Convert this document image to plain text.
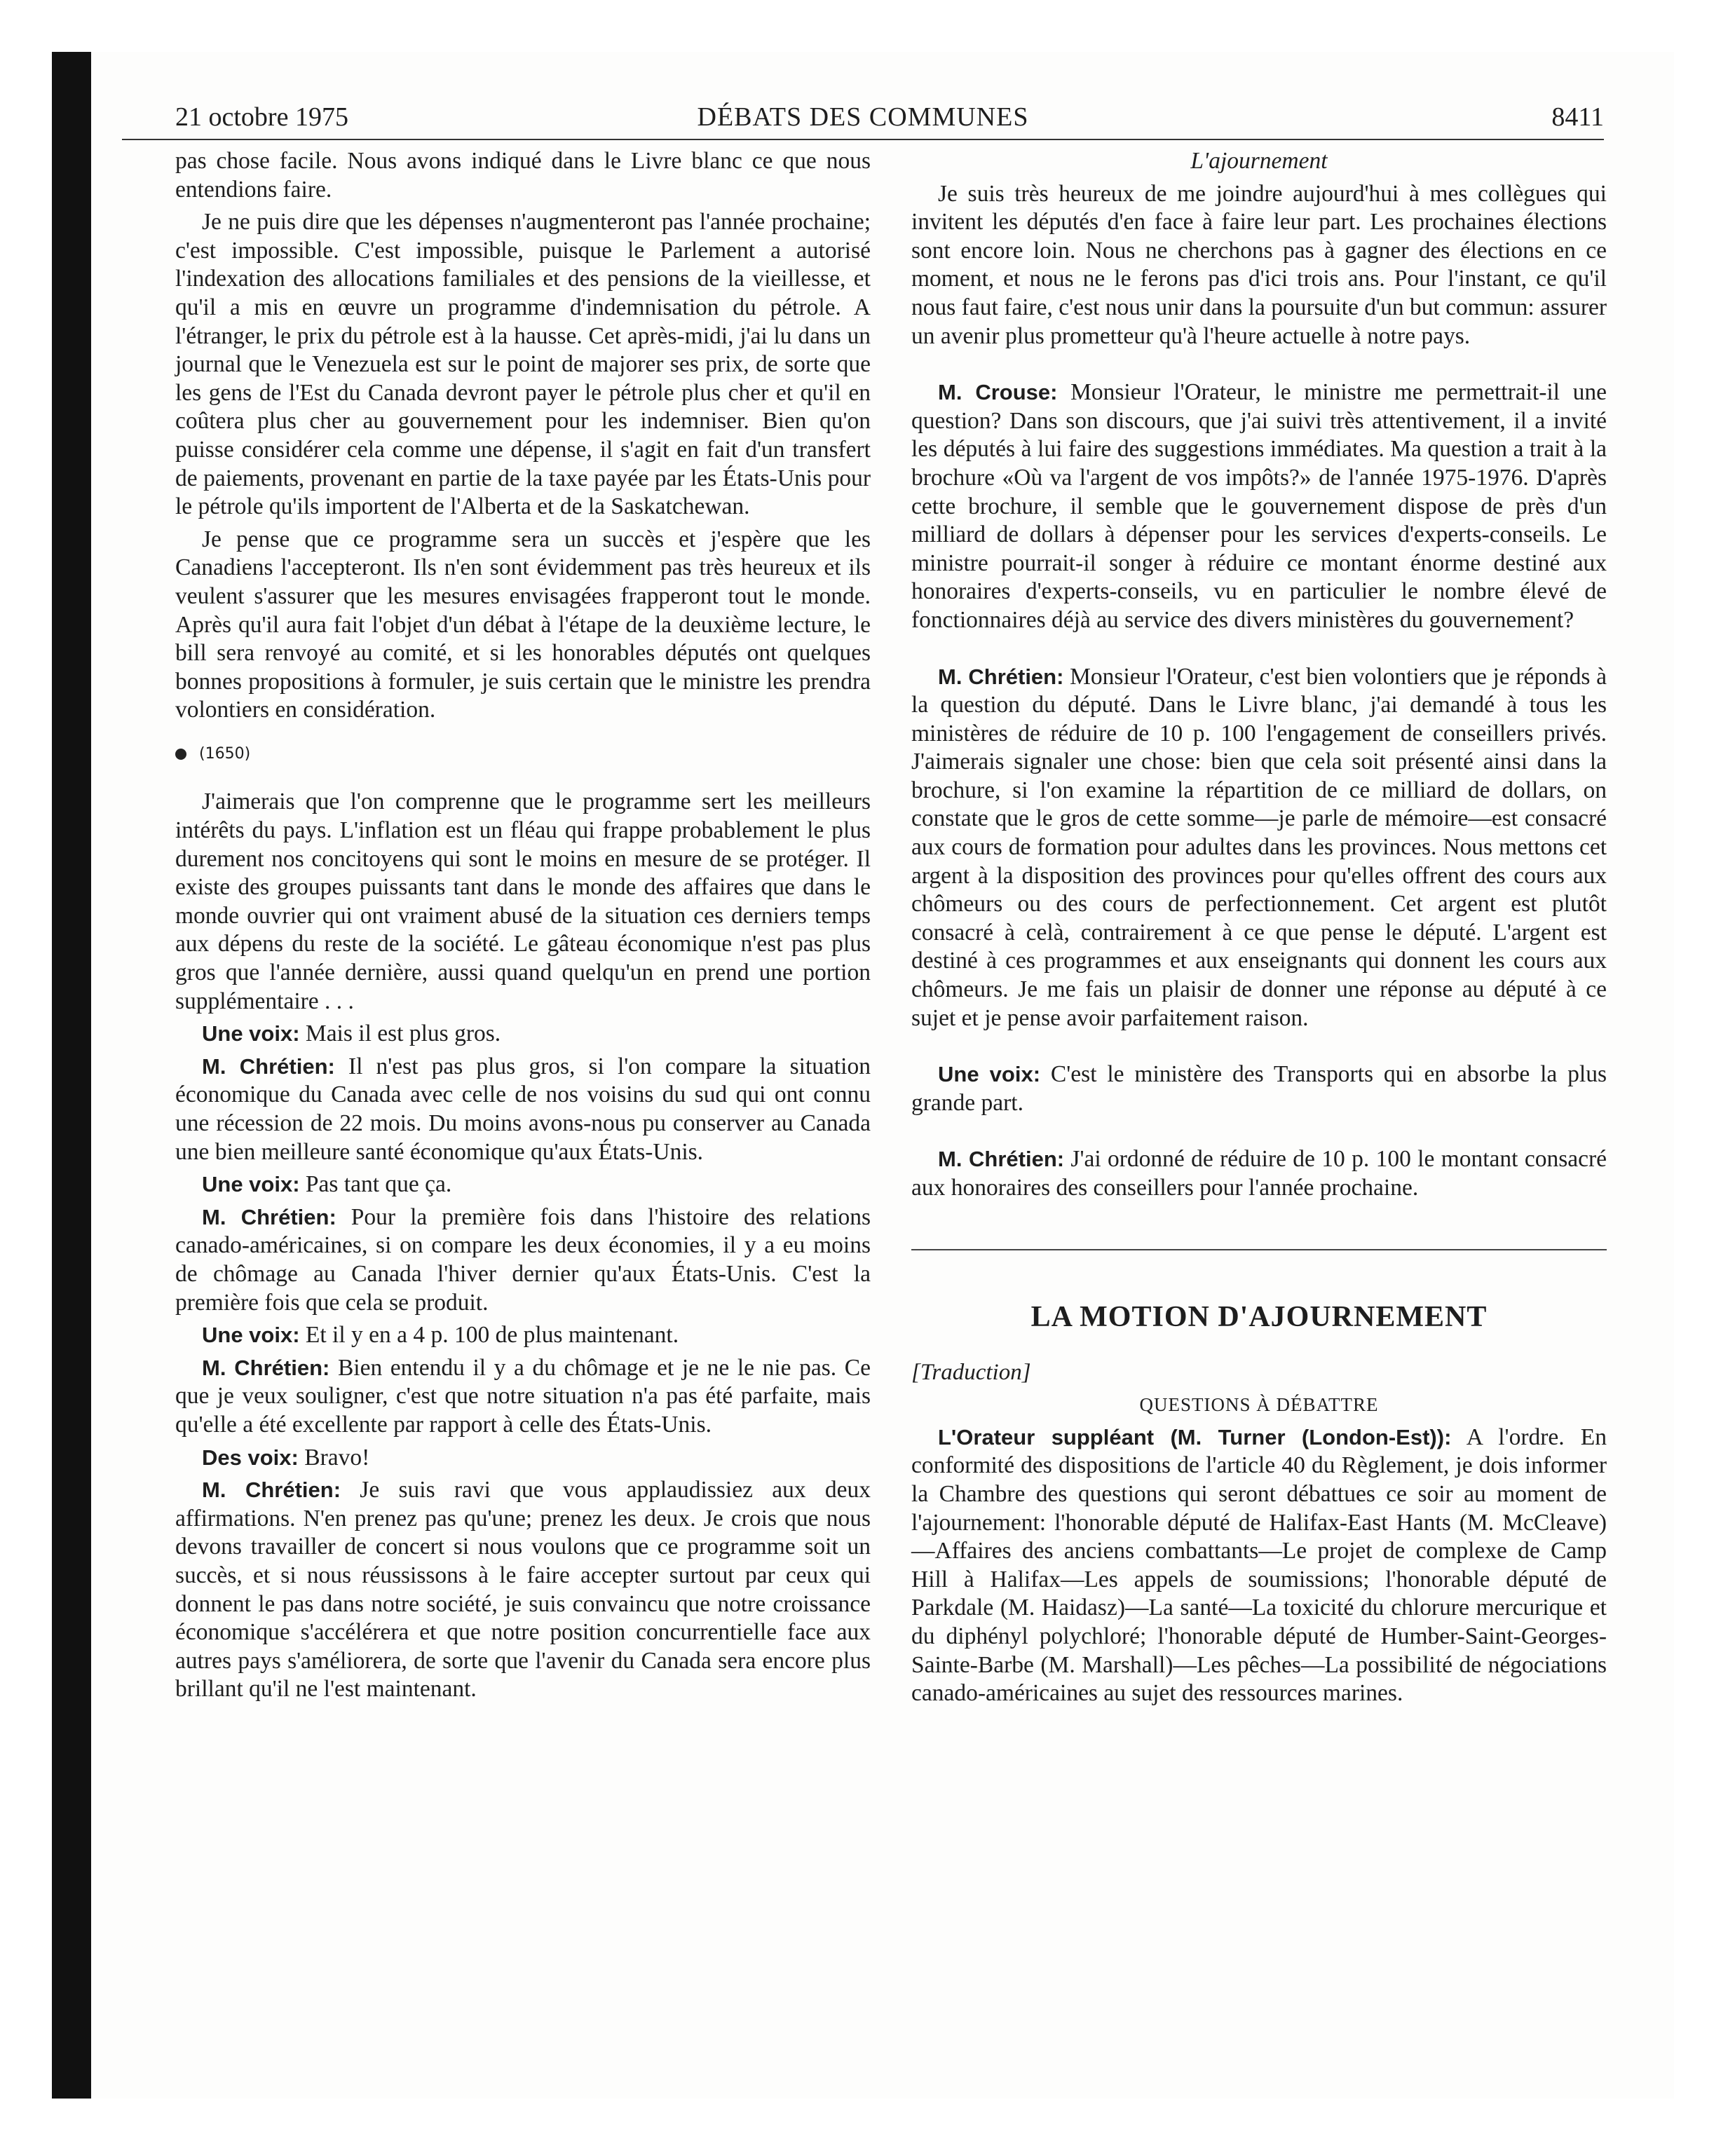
21 octobre 1975	DÉBATS DES COMMUNES	8411

pas chose facile. Nous avons indiqué dans le Livre blanc ce que nous entendions faire.

Je ne puis dire que les dépenses n'augmenteront pas l'année prochaine; c'est impossible. C'est impossible, puisque le Parlement a autorisé l'indexation des allocations familiales et des pensions de la vieillesse, et qu'il a mis en œuvre un programme d'indemnisation du pétrole. A l'étranger, le prix du pétrole est à la hausse. Cet après-midi, j'ai lu dans un journal que le Venezuela est sur le point de majorer ses prix, de sorte que les gens de l'Est du Canada devront payer le pétrole plus cher et qu'il en coûtera plus cher au gouvernement pour les indemniser. Bien qu'on puisse considérer cela comme une dépense, il s'agit en fait d'un transfert de paiements, provenant en partie de la taxe payée par les États-Unis pour le pétrole qu'ils importent de l'Alberta et de la Saskatchewan.

Je pense que ce programme sera un succès et j'espère que les Canadiens l'accepteront. Ils n'en sont évidemment pas très heureux et ils veulent s'assurer que les mesures envisagées frapperont tout le monde. Après qu'il aura fait l'objet d'un débat à l'étape de la deuxième lecture, le bill sera renvoyé au comité, et si les honorables députés ont quelques bonnes propositions à formuler, je suis certain que le ministre les prendra volontiers en considération.

(1650)

J'aimerais que l'on comprenne que le programme sert les meilleurs intérêts du pays. L'inflation est un fléau qui frappe probablement le plus durement nos concitoyens qui sont le moins en mesure de se protéger. Il existe des groupes puissants tant dans le monde des affaires que dans le monde ouvrier qui ont vraiment abusé de la situation ces derniers temps aux dépens du reste de la société. Le gâteau économique n'est pas plus gros que l'année dernière, aussi quand quelqu'un en prend une portion supplémentaire . . .

Une voix: Mais il est plus gros.

M. Chrétien: Il n'est pas plus gros, si l'on compare la situation économique du Canada avec celle de nos voisins du sud qui ont connu une récession de 22 mois. Du moins avons-nous pu conserver au Canada une bien meilleure santé économique qu'aux États-Unis.

Une voix: Pas tant que ça.

M. Chrétien: Pour la première fois dans l'histoire des relations canado-américaines, si on compare les deux économies, il y a eu moins de chômage au Canada l'hiver dernier qu'aux États-Unis. C'est la première fois que cela se produit.

Une voix: Et il y en a 4 p. 100 de plus maintenant.

M. Chrétien: Bien entendu il y a du chômage et je ne le nie pas. Ce que je veux souligner, c'est que notre situation n'a pas été parfaite, mais qu'elle a été excellente par rapport à celle des États-Unis.

Des voix: Bravo!

M. Chrétien: Je suis ravi que vous applaudissiez aux deux affirmations. N'en prenez pas qu'une; prenez les deux. Je crois que nous devons travailler de concert si nous voulons que ce programme soit un succès, et si nous réussissons à le faire accepter surtout par ceux qui donnent le pas dans notre société, je suis convaincu que notre croissance économique s'accélérera et que notre position concurrentielle face aux autres pays s'améliorera, de sorte que l'avenir du Canada sera encore plus brillant qu'il ne l'est maintenant.

L'ajournement

Je suis très heureux de me joindre aujourd'hui à mes collègues qui invitent les députés d'en face à faire leur part. Les prochaines élections sont encore loin. Nous ne cherchons pas à gagner des élections en ce moment, et nous ne le ferons pas d'ici trois ans. Pour l'instant, ce qu'il nous faut faire, c'est nous unir dans la poursuite d'un but commun: assurer un avenir plus prometteur qu'à l'heure actuelle à notre pays.

M. Crouse: Monsieur l'Orateur, le ministre me permettrait-il une question? Dans son discours, que j'ai suivi très attentivement, il a invité les députés à lui faire des suggestions immédiates. Ma question a trait à la brochure «Où va l'argent de vos impôts?» de l'année 1975-1976. D'après cette brochure, il semble que le gouvernement dispose de près d'un milliard de dollars à dépenser pour les services d'experts-conseils. Le ministre pourrait-il songer à réduire ce montant énorme destiné aux honoraires d'experts-conseils, vu en particulier le nombre élevé de fonctionnaires déjà au service des divers ministères du gouvernement?

M. Chrétien: Monsieur l'Orateur, c'est bien volontiers que je réponds à la question du député. Dans le Livre blanc, j'ai demandé à tous les ministères de réduire de 10 p. 100 l'engagement de conseillers privés. J'aimerais signaler une chose: bien que cela soit présenté ainsi dans la brochure, si l'on examine la répartition de ce milliard de dollars, on constate que le gros de cette somme—je parle de mémoire—est consacré aux cours de formation pour adultes dans les provinces. Nous mettons cet argent à la disposition des provinces pour qu'elles offrent des cours aux chômeurs ou des cours de perfectionnement. Cet argent est plutôt consacré à celà, contrairement à ce que pense le député. L'argent est destiné à ces programmes et aux enseignants qui donnent les cours aux chômeurs. Je me fais un plaisir de donner une réponse au député à ce sujet et je pense avoir parfaitement raison.

Une voix: C'est le ministère des Transports qui en absorbe la plus grande part.

M. Chrétien: J'ai ordonné de réduire de 10 p. 100 le montant consacré aux honoraires des conseillers pour l'année prochaine.

LA MOTION D'AJOURNEMENT

[Traduction]

QUESTIONS À DÉBATTRE

L'Orateur suppléant (M. Turner (London-Est)): A l'ordre. En conformité des dispositions de l'article 40 du Règlement, je dois informer la Chambre des questions qui seront débattues ce soir au moment de l'ajournement: l'honorable député de Halifax-East Hants (M. McCleave)—Affaires des anciens combattants—Le projet de complexe de Camp Hill à Halifax—Les appels de soumissions; l'honorable député de Parkdale (M. Haidasz)—La santé—La toxicité du chlorure mercurique et du diphényl polychloré; l'honorable député de Humber-Saint-Georges-Sainte-Barbe (M. Marshall)—Les pêches—La possibilité de négociations canado-américaines au sujet des ressources marines.
